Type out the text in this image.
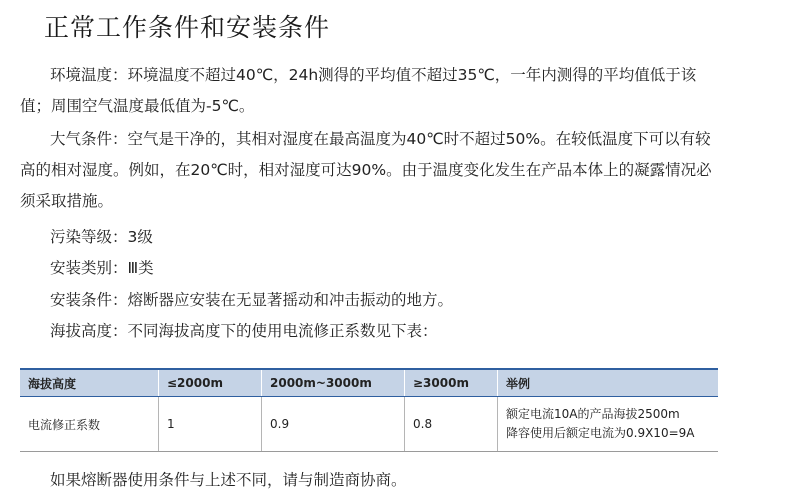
正常工作条件和安装条件
环境温度：环境温度不超过40℃，24h测得的平均值不超过35℃，一年内测得的平均值低于该值；周围空气温度最低值为-5℃。
大气条件：空气是干净的，其相对湿度在最高温度为40℃时不超过50%。在较低温度下可以有较高的相对湿度。例如，在20℃时，相对湿度可达90%。由于温度变化发生在产品本体上的凝露情况必须采取措施。
污染等级：3级
安装类别：Ⅲ类
安装条件：熔断器应安装在无显著摇动和冲击振动的地方。
海拔高度：不同海拔高度下的使用电流修正系数见下表：
海拔高度	≤2000m	2000m~3000m	≥3000m	举例
电流修正系数	1	0.9	0.8	额定电流10A的产品海拔2500m
降容使用后额定电流为0.9X10=9A
如果熔断器使用条件与上述不同，请与制造商协商。
